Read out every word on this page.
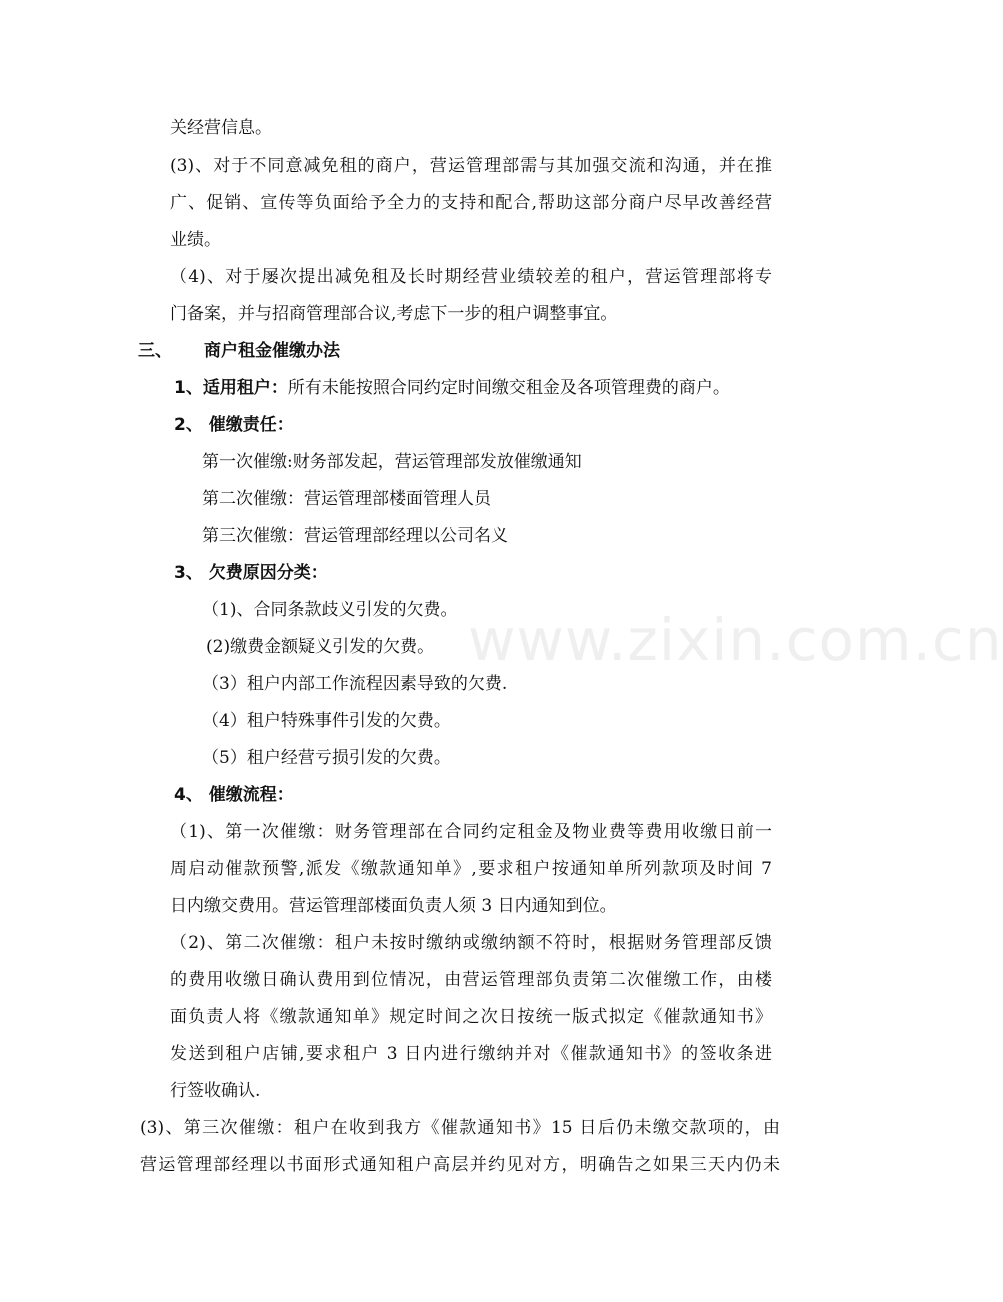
关经营信息。
(3)、对于不同意减免租的商户，营运管理部需与其加强交流和沟通，并在推
广、促销、宣传等负面给予全力的支持和配合,帮助这部分商户尽早改善经营
业绩。
（4)、对于屡次提出减免租及长时期经营业绩较差的租户，营运管理部将专
门备案，并与招商管理部合议,考虑下一步的租户调整事宜。
三、 商户租金催缴办法
1、适用租户：所有未能按照合同约定时间缴交租金及各项管理费的商户。
2、 催缴责任：
第一次催缴:财务部发起，营运管理部发放催缴通知
第二次催缴：营运管理部楼面管理人员
第三次催缴：营运管理部经理以公司名义
3、 欠费原因分类：
（1)、合同条款歧义引发的欠费。
(2)缴费金额疑义引发的欠费。
（3）租户内部工作流程因素导致的欠费.
（4）租户特殊事件引发的欠费。
（5）租户经营亏损引发的欠费。
4、 催缴流程：
（1)、第一次催缴：财务管理部在合同约定租金及物业费等费用收缴日前一
周启动催款预警,派发《缴款通知单》,要求租户按通知单所列款项及时间 7
日内缴交费用。营运管理部楼面负责人须 3 日内通知到位。
（2)、第二次催缴：租户未按时缴纳或缴纳额不符时，根据财务管理部反馈
的费用收缴日确认费用到位情况，由营运管理部负责第二次催缴工作，由楼
面负责人将《缴款通知单》规定时间之次日按统一版式拟定《催款通知书》
发送到租户店铺,要求租户 3 日内进行缴纳并对《催款通知书》的签收条进
行签收确认.
(3)、第三次催缴：租户在收到我方《催款通知书》15 日后仍未缴交款项的，由
营运管理部经理以书面形式通知租户高层并约见对方，明确告之如果三天内仍未
www.zixin.com.cn
